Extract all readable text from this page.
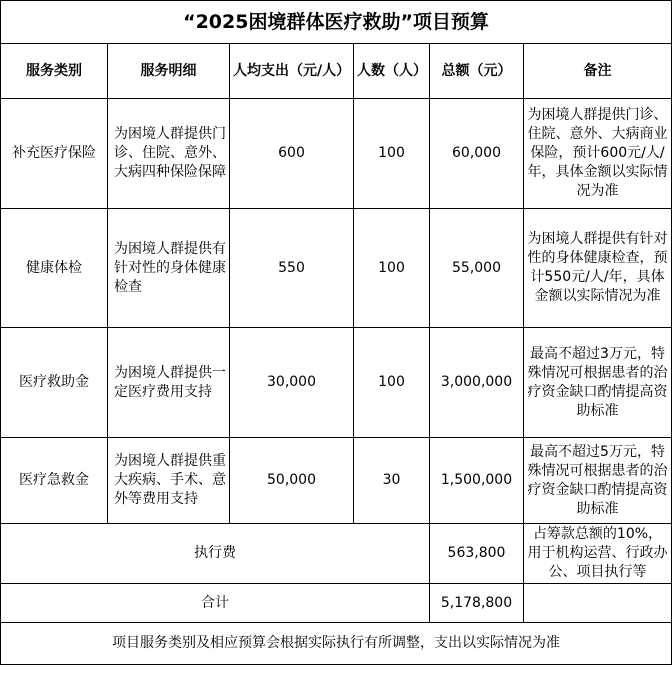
“2025困境群体医疗救助”项目预算					
服务类别	服务明细	人均支出（元/人）	人数（人）	总额（元）	备注
补充医疗保险	为困境人群提供门诊、住院、意外、大病四种保险保障	600	100	60,000	为困境人群提供门诊、住院、意外、大病商业保险，预计600元/人/年，具体金额以实际情况为准
健康体检	为困境人群提供有针对性的身体健康检查	550	100	55,000	为困境人群提供有针对性的身体健康检查，预计550元/人/年，具体金额以实际情况为准
医疗救助金	为困境人群提供一定医疗费用支持	30,000	100	3,000,000	最高不超过3万元，特殊情况可根据患者的治疗资金缺口酌情提高资助标准
医疗急救金	为困境人群提供重大疾病、手术、意外等费用支持	50,000	30	1,500,000	最高不超过5万元，特殊情况可根据患者的治疗资金缺口酌情提高资助标准
执行费				563,800	占筹款总额的10%，用于机构运营、行政办公、项目执行等
合计				5,178,800	
项目服务类别及相应预算会根据实际执行有所调整，支出以实际情况为准					
